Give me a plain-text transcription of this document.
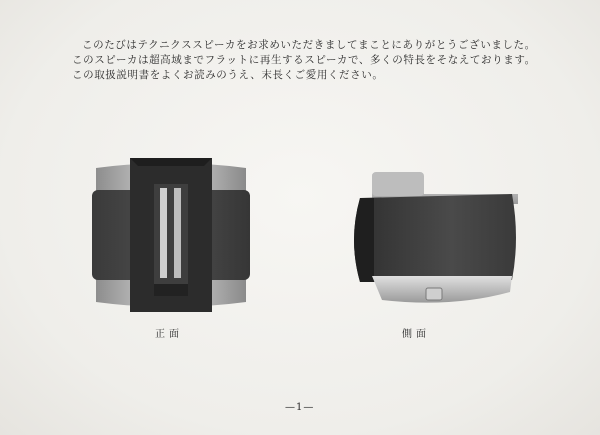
このたびはテクニクススピーカをお求めいただきましてまことにありがとうございました。

このスピーカは超高域までフラットに再生するスピーカで、多くの特長をそなえております。

この取扱説明書をよくお読みのうえ、末長くご愛用ください。

正面	側面
—1—
